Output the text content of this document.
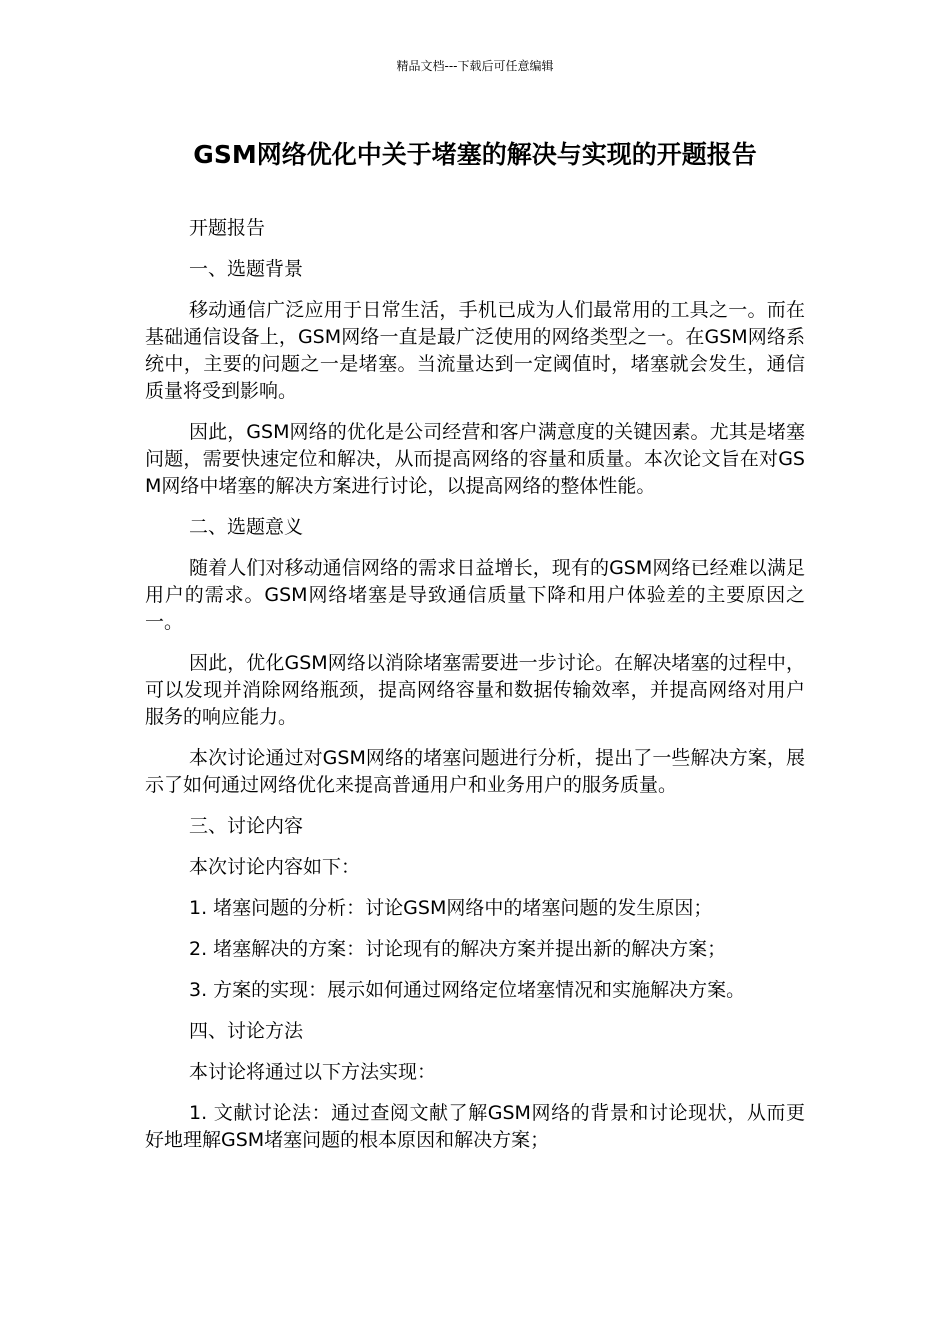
精品文档---下载后可任意编辑
GSM网络优化中关于堵塞的解决与实现的开题报告

开题报告

一、选题背景

移动通信广泛应用于日常生活，手机已成为人们最常用的工具之一。而在基础通信设备上，GSM网络一直是最广泛使用的网络类型之一。在GSM网络系统中，主要的问题之一是堵塞。当流量达到一定阈值时，堵塞就会发生，通信质量将受到影响。

因此，GSM网络的优化是公司经营和客户满意度的关键因素。尤其是堵塞问题，需要快速定位和解决，从而提高网络的容量和质量。本次论文旨在对GSM网络中堵塞的解决方案进行讨论，以提高网络的整体性能。

二、选题意义

随着人们对移动通信网络的需求日益增长，现有的GSM网络已经难以满足用户的需求。GSM网络堵塞是导致通信质量下降和用户体验差的主要原因之一。

因此，优化GSM网络以消除堵塞需要进一步讨论。在解决堵塞的过程中，可以发现并消除网络瓶颈，提高网络容量和数据传输效率，并提高网络对用户服务的响应能力。

本次讨论通过对GSM网络的堵塞问题进行分析，提出了一些解决方案，展示了如何通过网络优化来提高普通用户和业务用户的服务质量。

三、讨论内容

本次讨论内容如下：

1. 堵塞问题的分析：讨论GSM网络中的堵塞问题的发生原因；

2. 堵塞解决的方案：讨论现有的解决方案并提出新的解决方案；

3. 方案的实现：展示如何通过网络定位堵塞情况和实施解决方案。

四、讨论方法

本讨论将通过以下方法实现：

1. 文献讨论法：通过查阅文献了解GSM网络的背景和讨论现状，从而更好地理解GSM堵塞问题的根本原因和解决方案；
